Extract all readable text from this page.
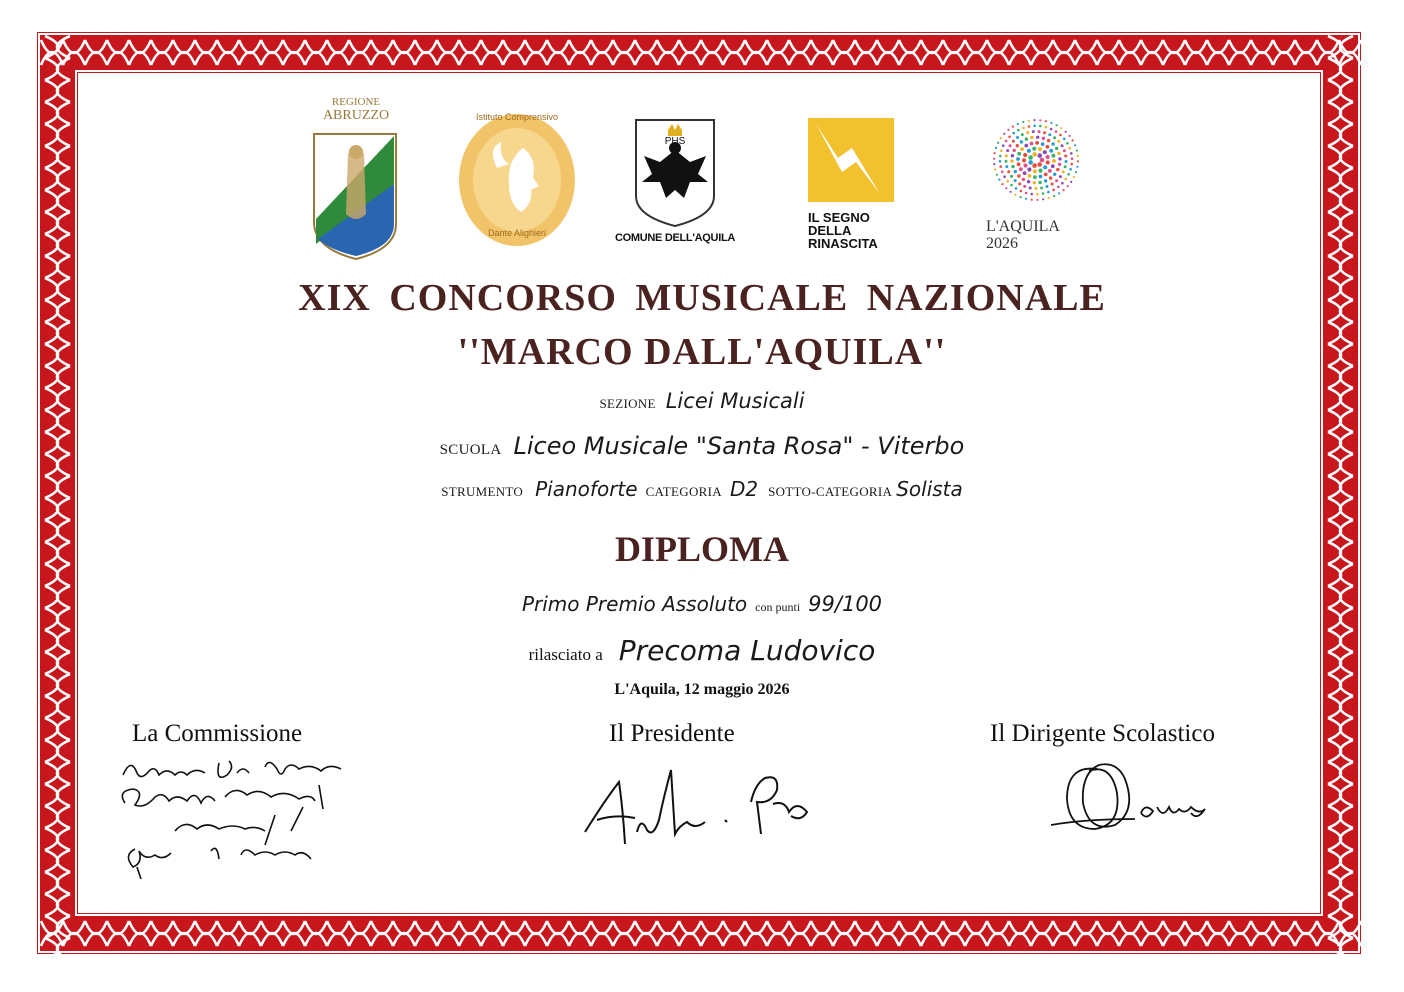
REGIONE
ABRUZZO	Istituto Comprensivo
Dante Alighieri
PHS
COMUNE DELL'AQUILA
IL SEGNO
DELLA
RINASCITA
L'AQUILA
2026
XIX CONCORSO MUSICALE NAZIONALE
''MARCO DALL'AQUILA''
SEZIONE Licei Musicali
SCUOLA Liceo Musicale "Santa Rosa" - Viterbo
STRUMENTO Pianoforte CATEGORIA D2 SOTTO-CATEGORIA Solista
DIPLOMA
Primo Premio Assoluto con punti 99/100
rilasciato a Precoma Ludovico
L'Aquila, 12 maggio 2026
La Commissione	Il Presidente	Il Dirigente Scolastico
